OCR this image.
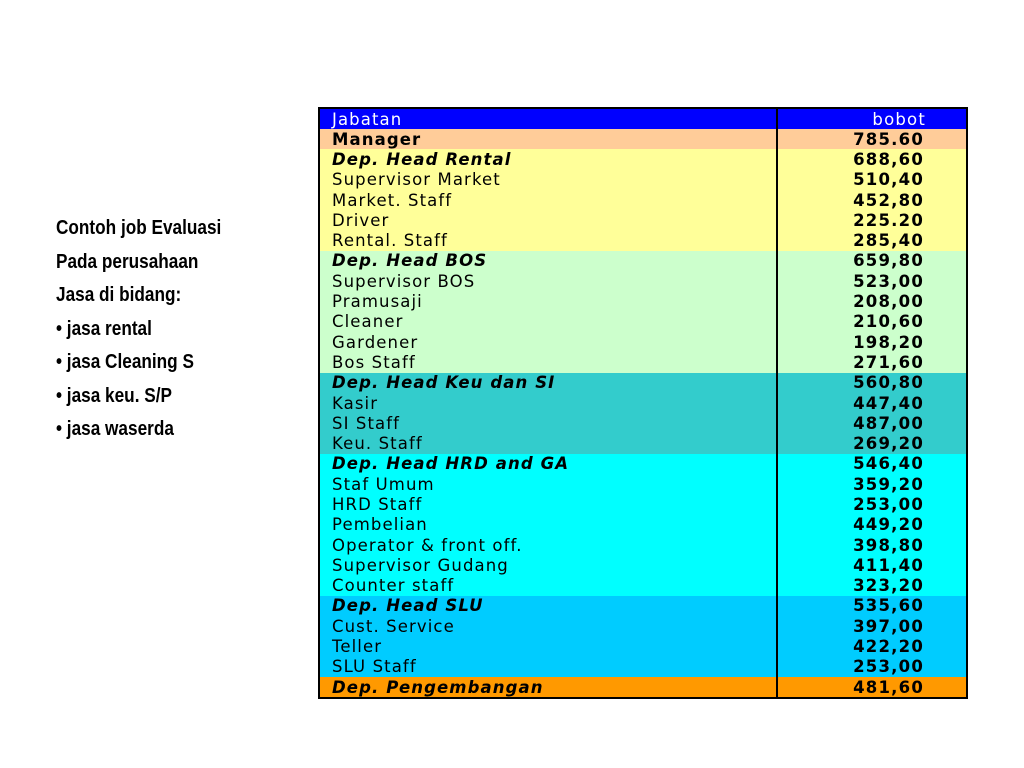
Contoh job Evaluasi
Pada perusahaan
Jasa di bidang:
• jasa rental
• jasa Cleaning S
• jasa keu. S/P
• jasa waserda
Jabatan	bobot
Manager	785.60
Dep. Head Rental	688,60
Supervisor Market	510,40
Market. Staff	452,80
Driver	225.20
Rental. Staff	285,40
Dep. Head BOS	659,80
Supervisor BOS	523,00
Pramusaji	208,00
Cleaner	210,60
Gardener	198,20
Bos Staff	271,60
Dep. Head Keu dan SI	560,80
Kasir	447,40
SI Staff	487,00
Keu. Staff	269,20
Dep. Head HRD and GA	546,40
Staf Umum	359,20
HRD Staff	253,00
Pembelian	449,20
Operator & front off.	398,80
Supervisor Gudang	411,40
Counter staff	323,20
Dep. Head SLU	535,60
Cust. Service	397,00
Teller	422,20
SLU Staff	253,00
Dep. Pengembangan	481,60
